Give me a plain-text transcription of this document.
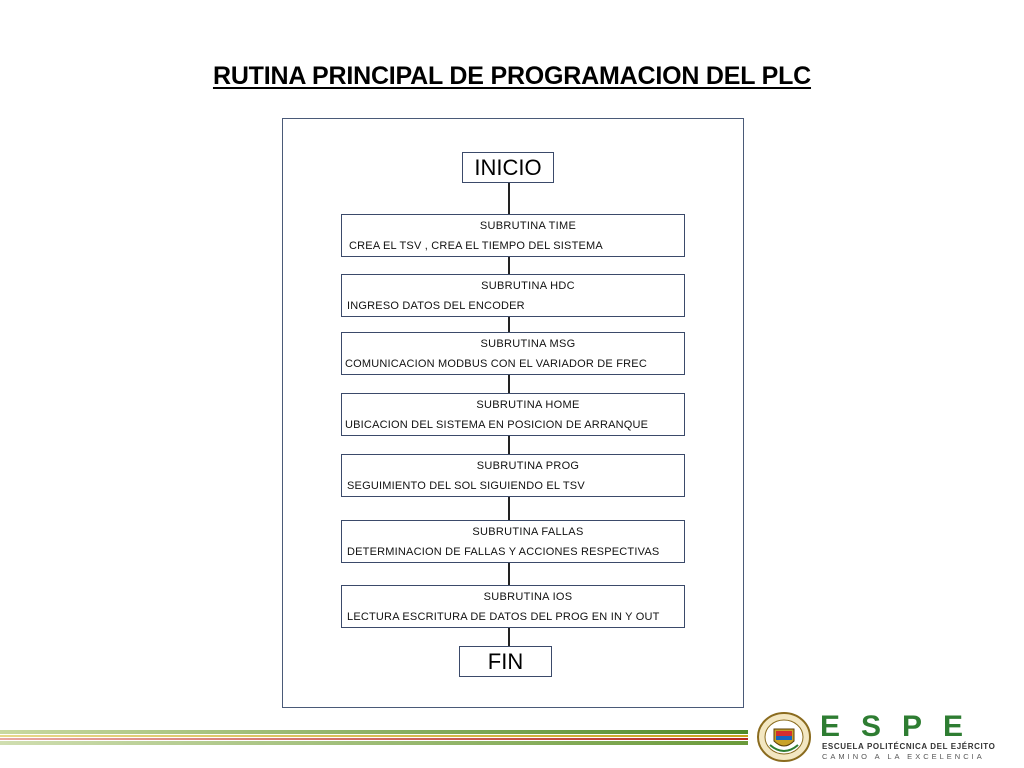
RUTINA PRINCIPAL DE PROGRAMACION DEL PLC
INICIO
SUBRUTINA TIME
CREA EL TSV , CREA EL TIEMPO DEL SISTEMA
SUBRUTINA HDC
INGRESO DATOS DEL ENCODER
SUBRUTINA MSG
COMUNICACION MODBUS CON EL VARIADOR DE FREC
SUBRUTINA HOME
UBICACION DEL SISTEMA EN POSICION DE ARRANQUE
SUBRUTINA PROG
SEGUIMIENTO DEL SOL SIGUIENDO EL TSV
SUBRUTINA FALLAS
DETERMINACION DE FALLAS Y ACCIONES RESPECTIVAS
SUBRUTINA IOS
LECTURA ESCRITURA DE DATOS DEL PROG EN IN Y OUT
FIN
ESPE
ESCUELA POLITÉCNICA DEL EJÉRCITO
CAMINO A LA EXCELENCIA
